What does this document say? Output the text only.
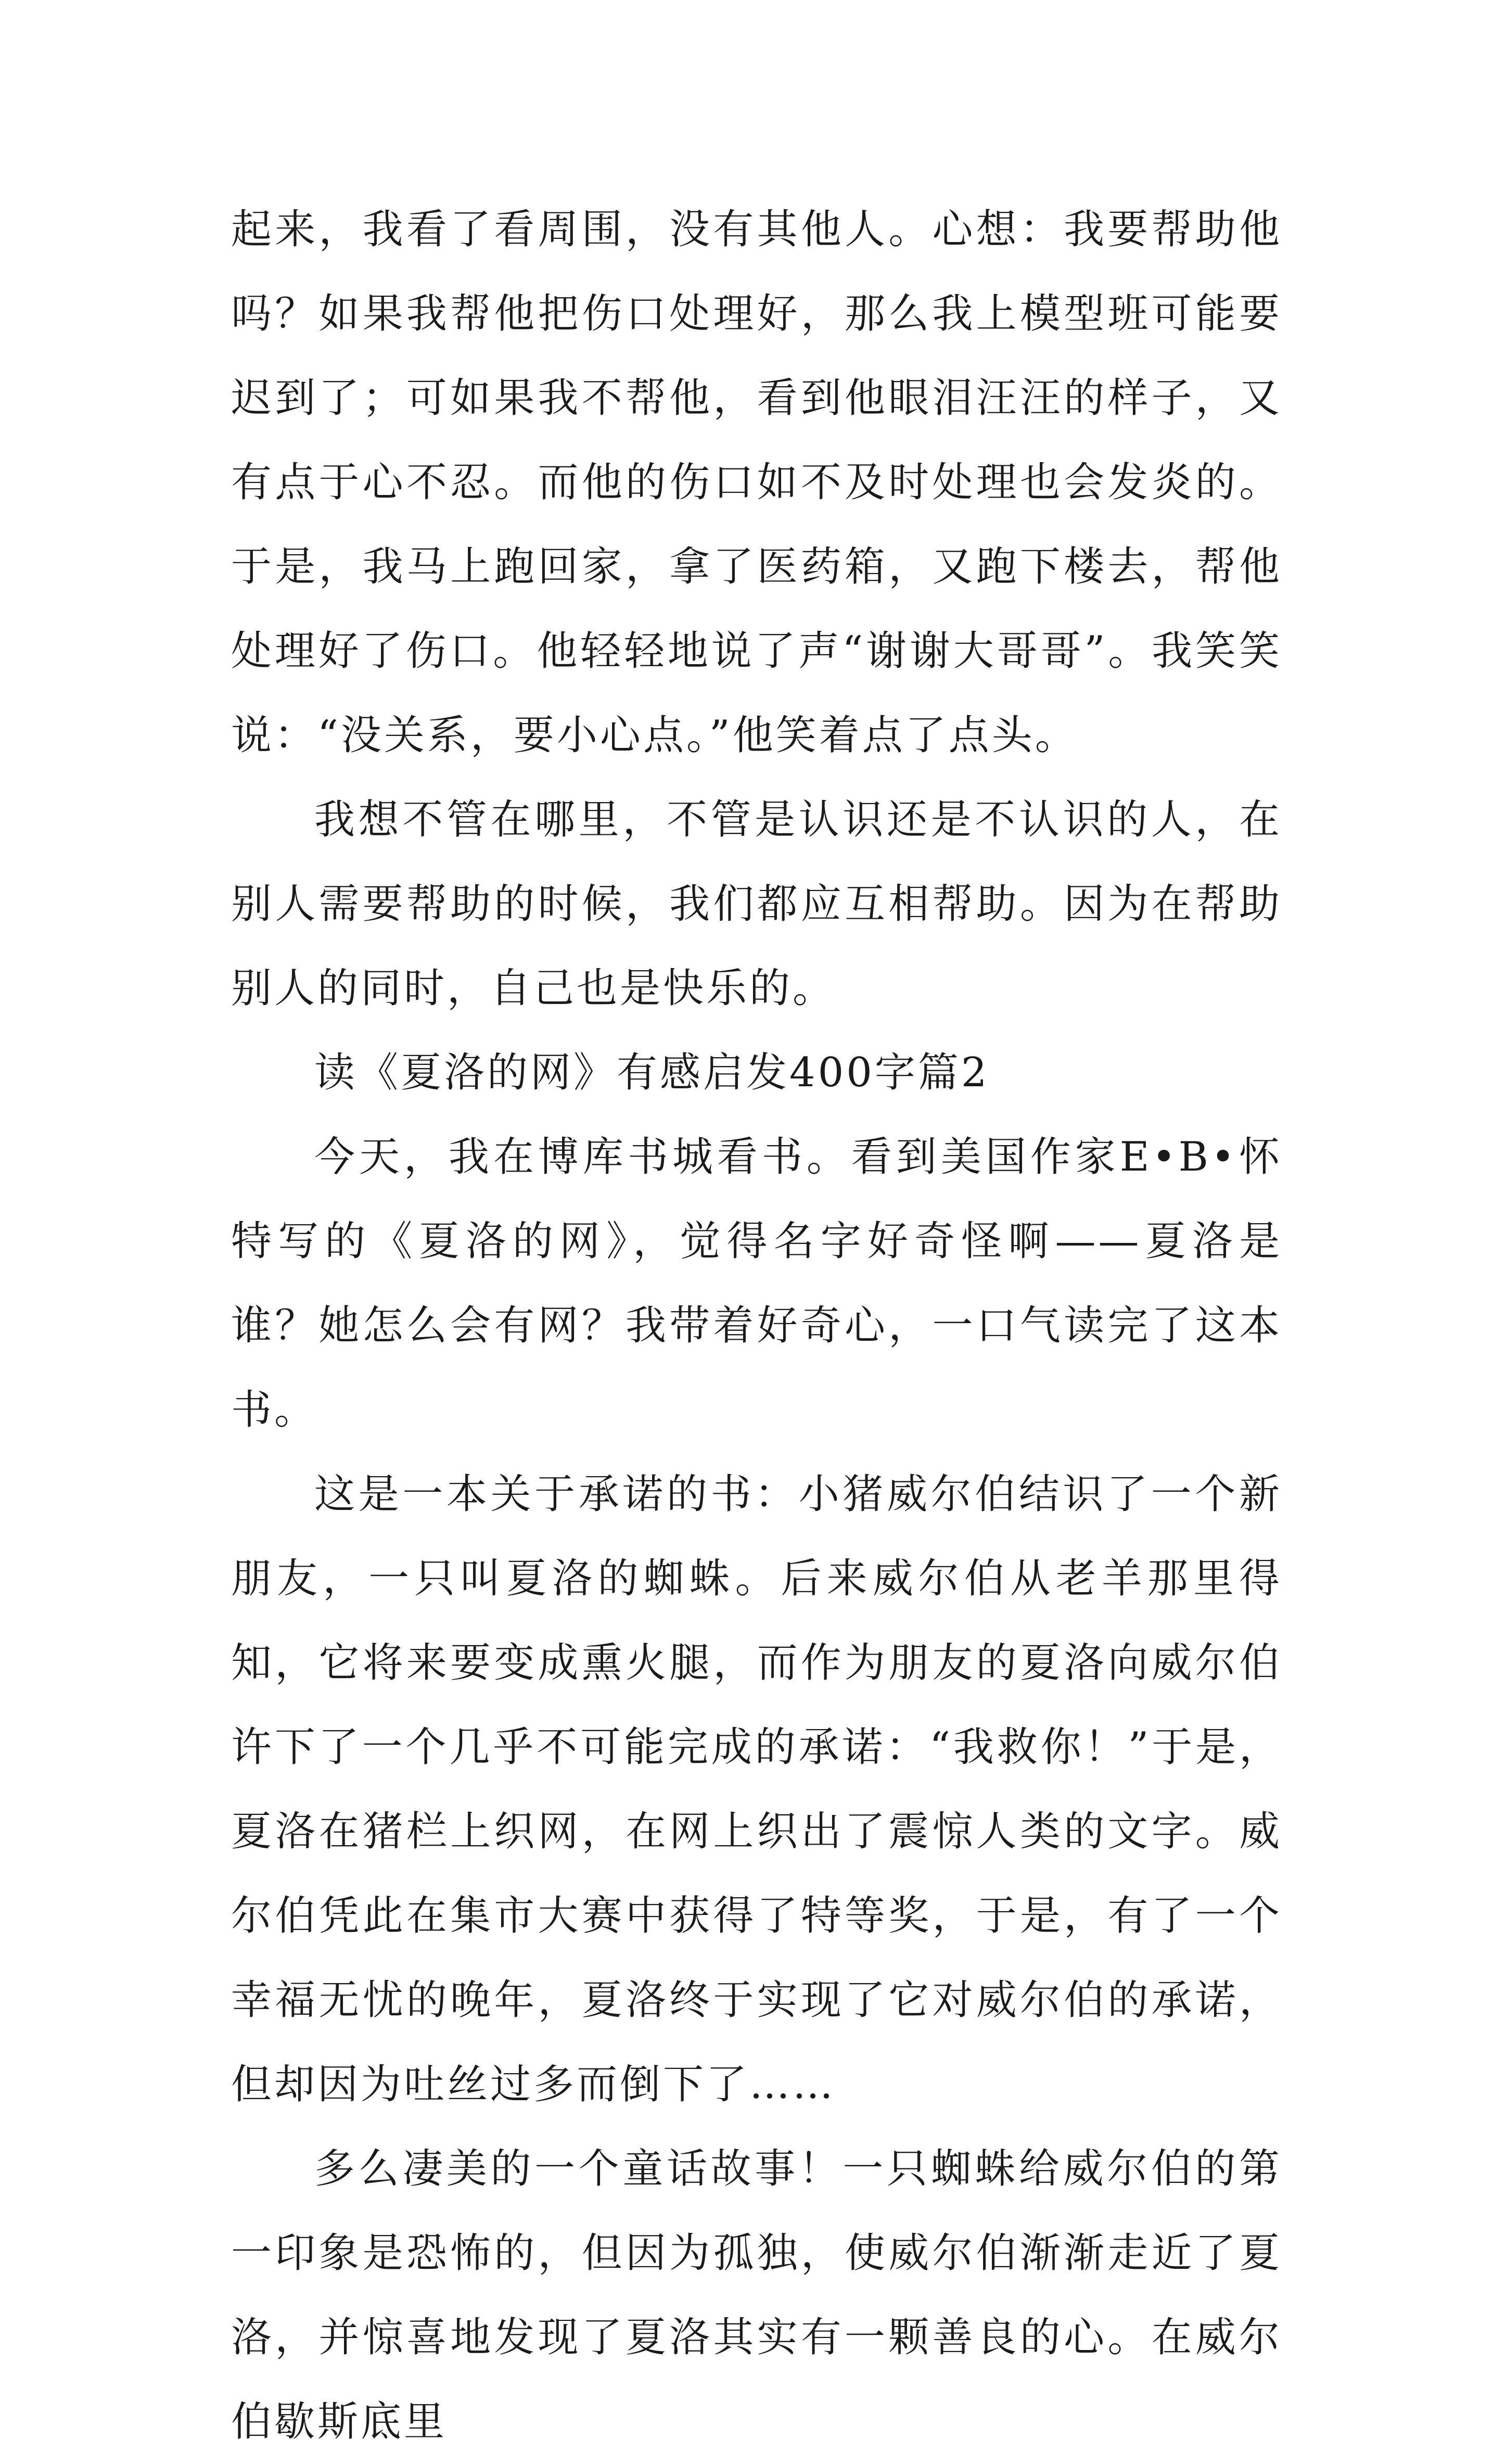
起来，我看了看周围，没有其他人。心想：我要帮助他吗？如果我帮他把伤口处理好，那么我上模型班可能要迟到了；可如果我不帮他，看到他眼泪汪汪的样子，又有点于心不忍。而他的伤口如不及时处理也会发炎的。于是，我马上跑回家，拿了医药箱，又跑下楼去，帮他处理好了伤口。他轻轻地说了声“谢谢大哥哥”。我笑笑说：“没关系，要小心点。”他笑着点了点头。

我想不管在哪里，不管是认识还是不认识的人，在别人需要帮助的时候，我们都应互相帮助。因为在帮助别人的同时，自己也是快乐的。

读《夏洛的网》有感启发400字篇2

今天，我在博库书城看书。看到美国作家E•B•怀特写的《夏洛的网》，觉得名字好奇怪啊——夏洛是谁？她怎么会有网？我带着好奇心，一口气读完了这本书。

这是一本关于承诺的书：小猪威尔伯结识了一个新朋友，一只叫夏洛的蜘蛛。后来威尔伯从老羊那里得知，它将来要变成熏火腿，而作为朋友的夏洛向威尔伯许下了一个几乎不可能完成的承诺：“我救你！”于是，夏洛在猪栏上织网，在网上织出了震惊人类的文字。威尔伯凭此在集市大赛中获得了特等奖，于是，有了一个幸福无忧的晚年，夏洛终于实现了它对威尔伯的承诺，但却因为吐丝过多而倒下了……

多么凄美的一个童话故事！一只蜘蛛给威尔伯的第一印象是恐怖的，但因为孤独，使威尔伯渐渐走近了夏洛，并惊喜地发现了夏洛其实有一颗善良的心。在威尔伯歇斯底里
